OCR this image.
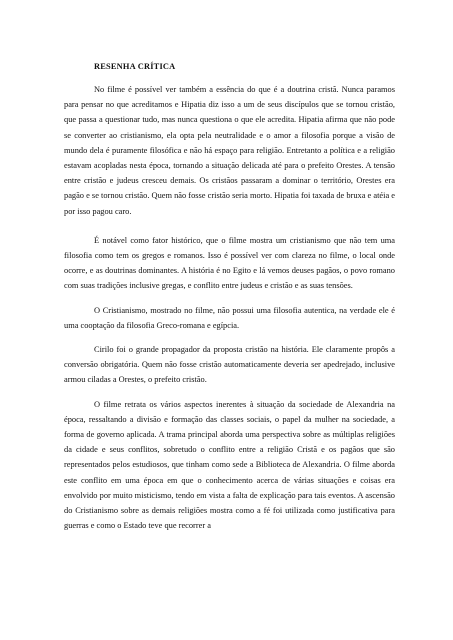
RESENHA CRÍTICA

No filme é possível ver também a essência do que é a doutrina cristã. Nunca paramos para pensar no que acreditamos e Hipatia diz isso a um de seus discípulos que se tornou cristão, que passa a questionar tudo, mas nunca questiona o que ele acredita. Hipatia afirma que não pode se converter ao cristianismo, ela opta pela neutralidade e o amor a filosofia porque a visão de mundo dela é puramente filosófica e não há espaço para religião. Entretanto a política e a religião estavam acopladas nesta época, tornando a situação delicada até para o prefeito Orestes. A tensão entre cristão e judeus cresceu demais. Os cristãos passaram a dominar o território, Orestes era pagão e se tornou cristão. Quem não fosse cristão seria morto. Hipatia foi taxada de bruxa e atéia e por isso pagou caro.

É notável como fator histórico, que o filme mostra um cristianismo que não tem uma filosofia como tem os gregos e romanos. Isso é possível ver com clareza no filme, o local onde ocorre, e as doutrinas dominantes. A história é no Egito e lá vemos deuses pagãos, o povo romano com suas tradições inclusive gregas, e conflito entre judeus e cristão e as suas tensões.

O Cristianismo, mostrado no filme, não possui uma filosofia autentica, na verdade ele é uma cooptação da filosofia Greco-romana e egípcia.

Cirilo foi o grande propagador da proposta cristão na história. Ele claramente propôs a conversão obrigatória. Quem não fosse cristão automaticamente deveria ser apedrejado, inclusive armou ciladas a Orestes, o prefeito cristão.

O filme retrata os vários aspectos inerentes à situação da sociedade de Alexandria na época, ressaltando a divisão e formação das classes sociais, o papel da mulher na sociedade, a forma de governo aplicada. A trama principal aborda uma perspectiva sobre as múltiplas religiões da cidade e seus conflitos, sobretudo o conflito entre a religião Cristã e os pagãos que são representados pelos estudiosos, que tinham como sede a Biblioteca de Alexandria. O filme aborda este conflito em uma época em que o conhecimento acerca de várias situações e coisas era envolvido por muito misticismo, tendo em vista a falta de explicação para tais eventos. A ascensão do Cristianismo sobre as demais religiões mostra como a fé foi utilizada como justificativa para guerras e como o Estado teve que recorrer a
